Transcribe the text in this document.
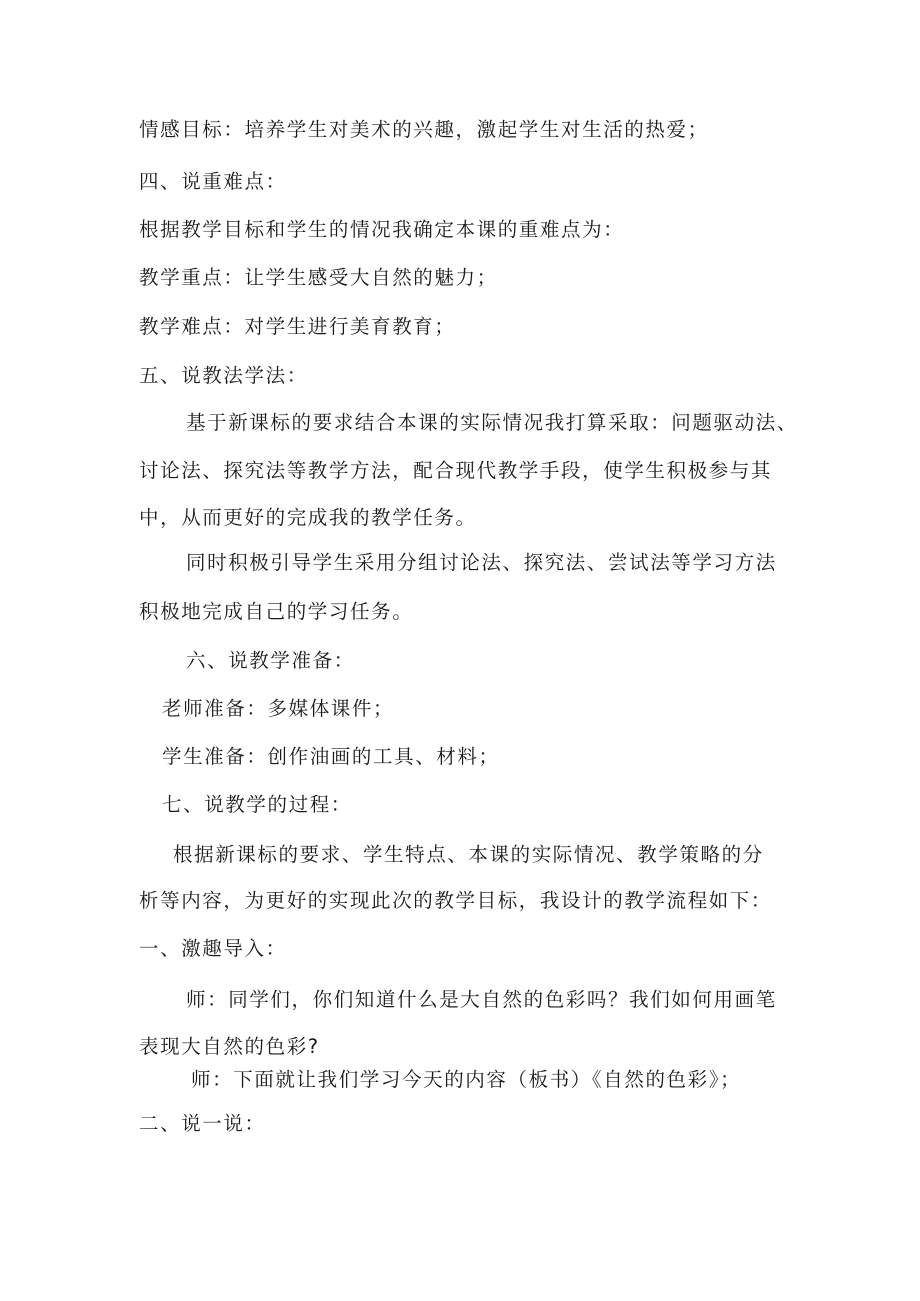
情感目标：培养学生对美术的兴趣，激起学生对生活的热爱；
四、说重难点：
根据教学目标和学生的情况我确定本课的重难点为：
教学重点：让学生感受大自然的魅力；
教学难点：对学生进行美育教育；
五、说教法学法：
基于新课标的要求结合本课的实际情况我打算采取：问题驱动法、
讨论法、探究法等教学方法，配合现代教学手段，使学生积极参与其
中，从而更好的完成我的教学任务。
同时积极引导学生采用分组讨论法、探究法、尝试法等学习方法
积极地完成自己的学习任务。
六、说教学准备：
老师准备：多媒体课件；
学生准备：创作油画的工具、材料；
七、说教学的过程：
根据新课标的要求、学生特点、本课的实际情况、教学策略的分
析等内容，为更好的实现此次的教学目标，我设计的教学流程如下：
一、激趣导入：
师：同学们，你们知道什么是大自然的色彩吗？我们如何用画笔
表现大自然的色彩?
师：下面就让我们学习今天的内容（板书）《自然的色彩》；
二、说一说：
